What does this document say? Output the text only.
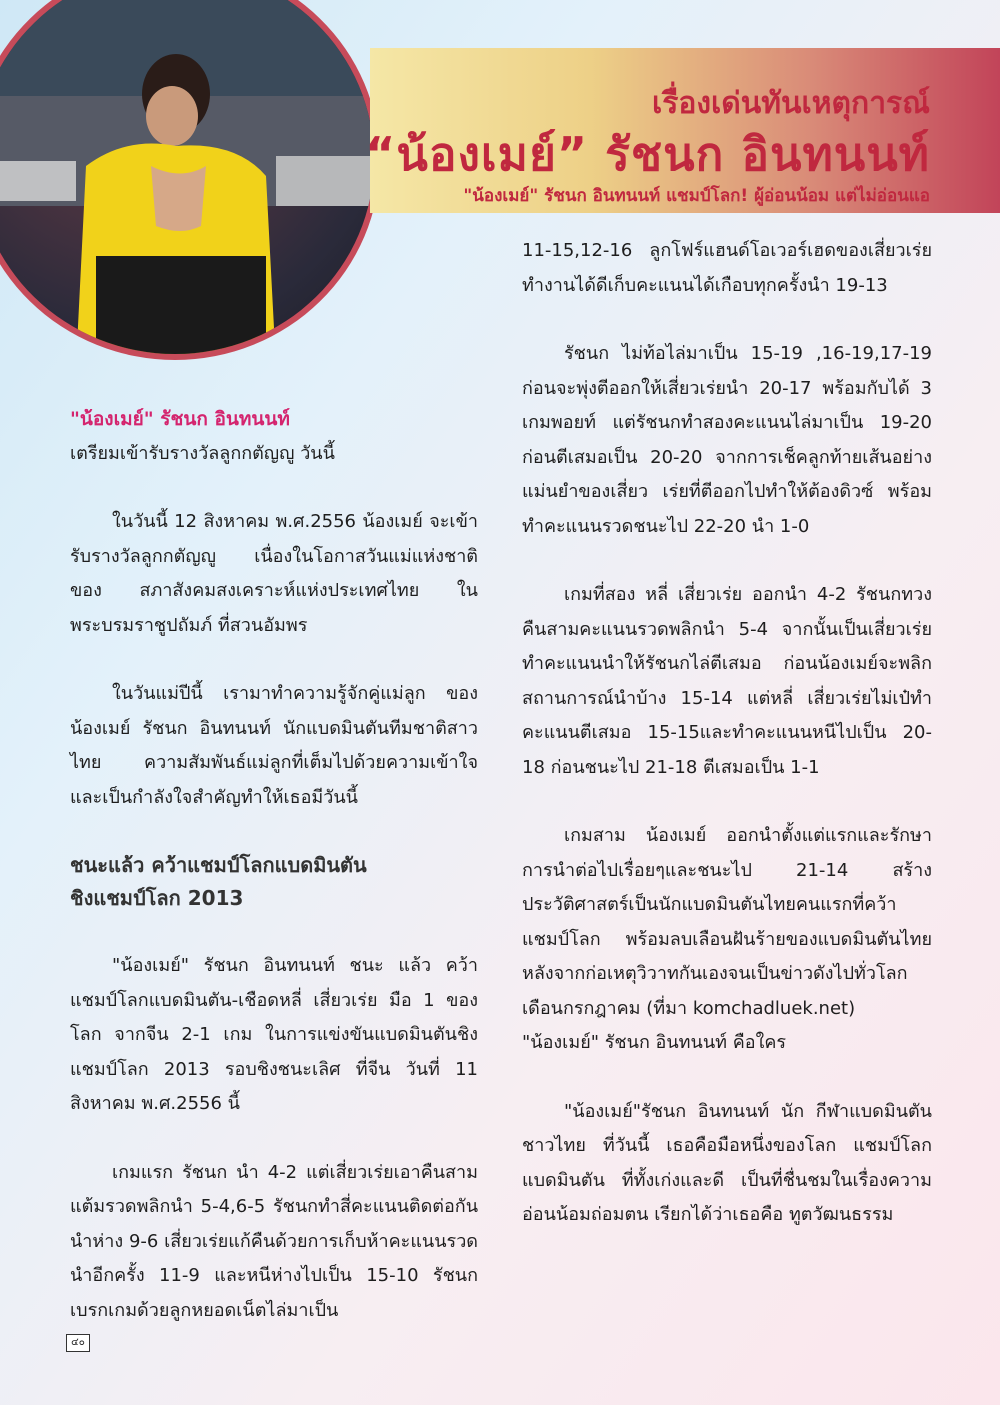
เรื่องเด่นทันเหตุการณ์
“น้องเมย์” รัชนก อินทนนท์
"น้องเมย์" รัชนก อินทนนท์ แชมป์โลก! ผู้อ่อนน้อม แต่ไม่อ่อนแอ

"น้องเมย์" รัชนก อินทนนท์

เตรียมเข้ารับรางวัลลูกกตัญญู วันนี้

ในวันนี้ 12 สิงหาคม พ.ศ.2556 น้องเมย์ จะเข้ารับรางวัลลูกกตัญญู เนื่องในโอกาสวันแม่แห่งชาติ ของ สภาสังคมสงเคราะห์แห่งประเทศไทย ในพระบรมราชูปถัมภ์ ที่สวนอัมพร

ในวันแม่ปีนี้ เรามาทำความรู้จักคู่แม่ลูก ของ น้องเมย์ รัชนก อินทนนท์ นักแบดมินตันทีมชาติสาวไทย ความสัมพันธ์แม่ลูกที่เต็มไปด้วยความเข้าใจ และเป็นกำลังใจสำคัญทำให้เธอมีวันนี้

ชนะแล้ว คว้าแชมป์โลกแบดมินตัน

ชิงแชมป์โลก 2013

"น้องเมย์" รัชนก อินทนนท์ ชนะ แล้ว คว้าแชมป์โลกแบดมินตัน-เชือดหลี่ เสี่ยวเร่ย มือ 1 ของโลก จากจีน 2-1 เกม ในการแข่งขันแบดมินตันชิงแชมป์โลก 2013 รอบชิงชนะเลิศ ที่จีน วันที่ 11 สิงหาคม พ.ศ.2556 นี้

เกมแรก รัชนก นำ 4-2 แต่เสี่ยวเร่ยเอาคืนสามแต้มรวดพลิกนำ 5-4,6-5 รัชนกทำสี่คะแนนติดต่อกันนำห่าง 9-6 เสี่ยวเร่ยแก้คืนด้วยการเก็บห้าคะแนนรวดนำอีกครั้ง 11-9 และหนีห่างไปเป็น 15-10 รัชนกเบรกเกมด้วยลูกหยอดเน็ตไล่มาเป็น

11-15,12-16 ลูกโฟร์แฮนด์โอเวอร์เฮดของเสี่ยวเร่ยทำงานได้ดีเก็บคะแนนได้เกือบทุกครั้งนำ 19-13

รัชนก ไม่ท้อไล่มาเป็น 15-19 ,16-19,17-19 ก่อนจะพุ่งตีออกให้เสี่ยวเร่ยนำ 20-17 พร้อมกับได้ 3 เกมพอยท์ แต่รัชนกทำสองคะแนนไล่มาเป็น 19-20 ก่อนตีเสมอเป็น 20-20 จากการเช็คลูกท้ายเส้นอย่างแม่นยำของเสี่ยว เร่ยที่ตีออกไปทำให้ต้องดิวซ์ พร้อมทำคะแนนรวดชนะไป 22-20 นำ 1-0

เกมที่สอง หลี่ เสี่ยวเร่ย ออกนำ 4-2 รัชนกทวงคืนสามคะแนนรวดพลิกนำ 5-4 จากนั้นเป็นเสี่ยวเร่ยทำคะแนนนำให้รัชนกไล่ตีเสมอ ก่อนน้องเมย์จะพลิกสถานการณ์นำบ้าง 15-14 แต่หลี่ เสี่ยวเร่ยไม่เป๋ทำคะแนนตีเสมอ 15-15และทำคะแนนหนีไปเป็น 20-18 ก่อนชนะไป 21-18 ตีเสมอเป็น 1-1

เกมสาม น้องเมย์ ออกนำตั้งแต่แรกและรักษาการนำต่อไปเรื่อยๆและชนะไป 21-14 สร้างประวัติศาสตร์เป็นนักแบดมินตันไทยคนแรกที่คว้าแชมป์โลก พร้อมลบเลือนฝันร้ายของแบดมินตันไทย หลังจากก่อเหตุวิวาทกันเองจนเป็นข่าวดังไปทั่วโลกเดือนกรกฎาคม (ที่มา komchadluek.net)

"น้องเมย์" รัชนก อินทนนท์ คือใคร

"น้องเมย์"รัชนก อินทนนท์ นัก กีฬาแบดมินตันชาวไทย ที่วันนี้ เธอคือมือหนึ่งของโลก แชมป์โลกแบดมินตัน ที่ทั้งเก่งและดี เป็นที่ชื่นชมในเรื่องความอ่อนน้อมถ่อมตน เรียกได้ว่าเธอคือ ทูตวัฒนธรรม

๔๐
